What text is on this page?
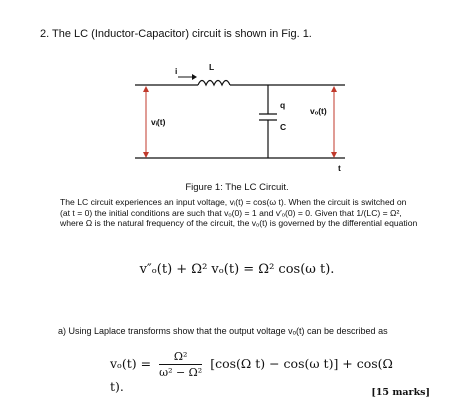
2. The LC (Inductor-Capacitor) circuit is shown in Fig. 1.
L
i
vᵢ(t)
q
C
vₒ(t)
t
Figure 1: The LC Circuit.
The LC circuit experiences an input voltage, vᵢ(t) = cos(ω t). When the circuit is switched on
(at t = 0) the initial conditions are such that vₒ(0) = 1 and v′ₒ(0) = 0. Given that 1/(LC) = Ω²,
where Ω is the natural frequency of the circuit, the vₒ(t) is governed by the differential equation
v″ₒ(t) + Ω² vₒ(t) = Ω² cos(ω t).
a) Using Laplace transforms show that the output voltage vₒ(t) can be described as
$v_o(t) = \frac{\text{Ω²}}{\text{ω² − Ω²}} [\cos(\Omega$ t) − cos(ω t)] + cos(Ω t).	[15 marks]
